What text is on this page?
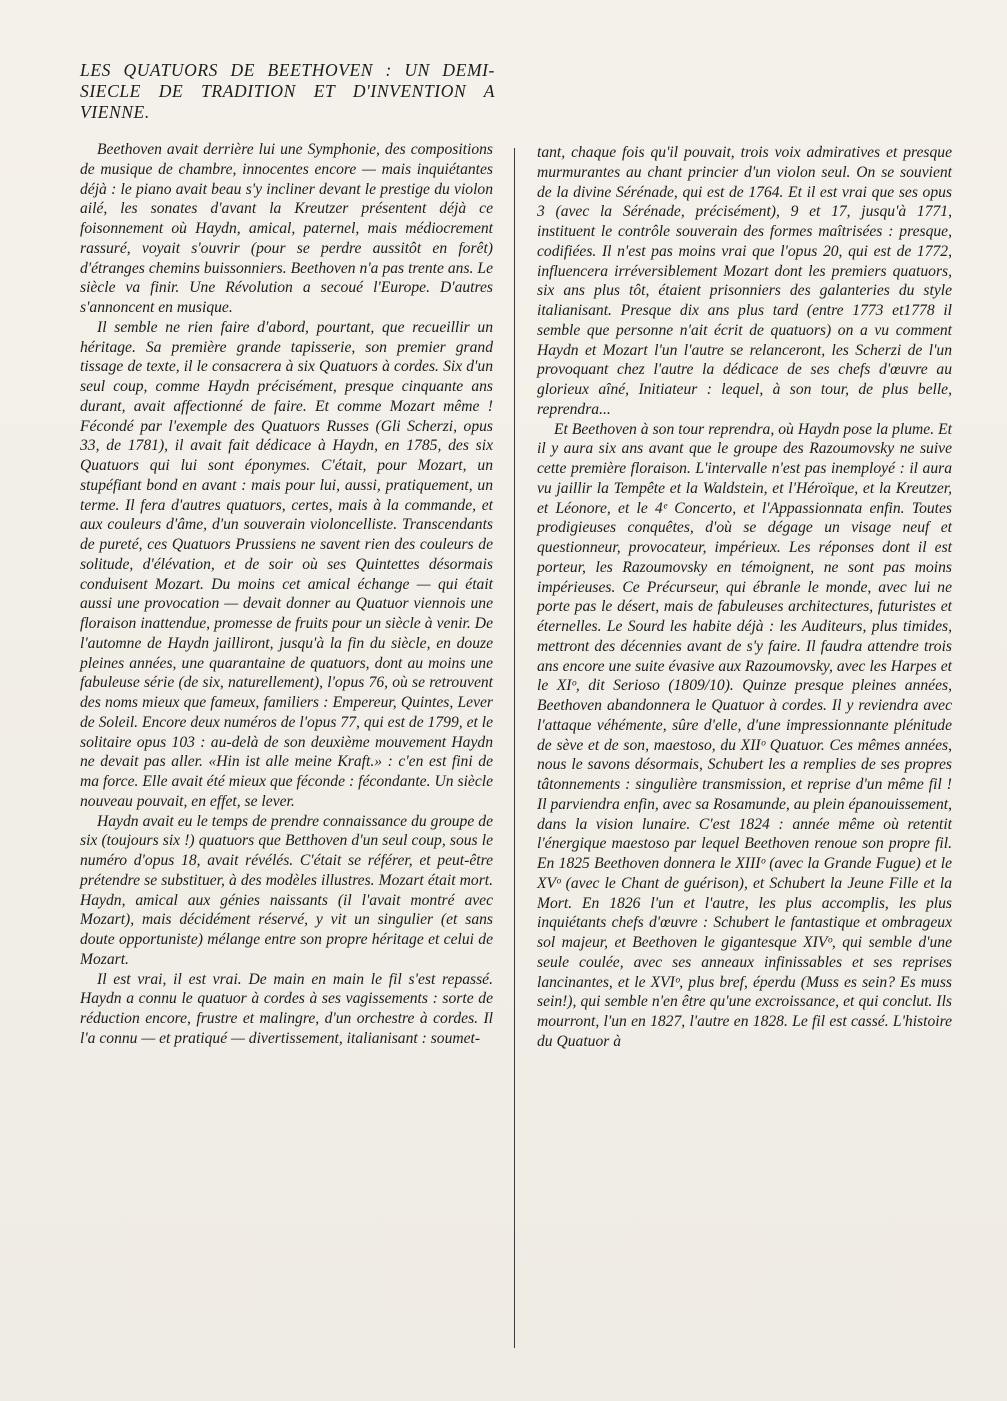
LES QUATUORS DE BEETHOVEN : UN DEMI-SIECLE DE TRADITION ET D'INVENTION A VIENNE.

Beethoven avait derrière lui une Symphonie, des compositions de musique de chambre, innocentes encore — mais inquiétantes déjà : le piano avait beau s'y incliner devant le prestige du violon ailé, les sonates d'avant la Kreutzer présentent déjà ce foisonnement où Haydn, amical, paternel, mais médiocrement rassuré, voyait s'ouvrir (pour se perdre aussitôt en forêt) d'étranges chemins buissonniers. Beethoven n'a pas trente ans. Le siècle va finir. Une Révolution a secoué l'Europe. D'autres s'annoncent en musique.

Il semble ne rien faire d'abord, pourtant, que recueillir un héritage. Sa première grande tapisserie, son premier grand tissage de texte, il le consacrera à six Quatuors à cordes. Six d'un seul coup, comme Haydn précisément, presque cinquante ans durant, avait affectionné de faire. Et comme Mozart même ! Fécondé par l'exemple des Quatuors Russes (Gli Scherzi, opus 33, de 1781), il avait fait dédicace à Haydn, en 1785, des six Quatuors qui lui sont éponymes. C'était, pour Mozart, un stupéfiant bond en avant : mais pour lui, aussi, pratiquement, un terme. Il fera d'autres quatuors, certes, mais à la commande, et aux couleurs d'âme, d'un souverain violoncelliste. Transcendants de pureté, ces Quatuors Prussiens ne savent rien des couleurs de solitude, d'élévation, et de soir où ses Quintettes désormais conduisent Mozart. Du moins cet amical échange — qui était aussi une provocation — devait donner au Quatuor viennois une floraison inattendue, promesse de fruits pour un siècle à venir. De l'automne de Haydn jailliront, jusqu'à la fin du siècle, en douze pleines années, une quarantaine de quatuors, dont au moins une fabuleuse série (de six, naturellement), l'opus 76, où se retrouvent des noms mieux que fameux, familiers : Empereur, Quintes, Lever de Soleil. Encore deux numéros de l'opus 77, qui est de 1799, et le solitaire opus 103 : au-delà de son deuxième mouvement Haydn ne devait pas aller. «Hin ist alle meine Kraft.» : c'en est fini de ma force. Elle avait été mieux que féconde : fécondante. Un siècle nouveau pouvait, en effet, se lever.

Haydn avait eu le temps de prendre connaissance du groupe de six (toujours six !) quatuors que Betthoven d'un seul coup, sous le numéro d'opus 18, avait révélés. C'était se référer, et peut-être prétendre se substituer, à des modèles illustres. Mozart était mort. Haydn, amical aux génies naissants (il l'avait montré avec Mozart), mais décidément réservé, y vit un singulier (et sans doute opportuniste) mélange entre son propre héritage et celui de Mozart.

Il est vrai, il est vrai. De main en main le fil s'est repassé. Haydn a connu le quatuor à cordes à ses vagissements : sorte de réduction encore, frustre et malingre, d'un orchestre à cordes. Il l'a connu — et pratiqué — divertissement, italianisant : soumet-

tant, chaque fois qu'il pouvait, trois voix admiratives et presque murmurantes au chant princier d'un violon seul. On se souvient de la divine Sérénade, qui est de 1764. Et il est vrai que ses opus 3 (avec la Sérénade, précisément), 9 et 17, jusqu'à 1771, instituent le contrôle souverain des formes maîtrisées : presque, codifiées. Il n'est pas moins vrai que l'opus 20, qui est de 1772, influencera irréversiblement Mozart dont les premiers quatuors, six ans plus tôt, étaient prisonniers des galanteries du style italianisant. Presque dix ans plus tard (entre 1773 et1778 il semble que personne n'ait écrit de quatuors) on a vu comment Haydn et Mozart l'un l'autre se relanceront, les Scherzi de l'un provoquant chez l'autre la dédicace de ses chefs d'œuvre au glorieux aîné, Initiateur : lequel, à son tour, de plus belle, reprendra...

Et Beethoven à son tour reprendra, où Haydn pose la plume. Et il y aura six ans avant que le groupe des Razoumovsky ne suive cette première floraison. L'intervalle n'est pas inemployé : il aura vu jaillir la Tempête et la Waldstein, et l'Héroïque, et la Kreutzer, et Léonore, et le 4ᵉ Concerto, et l'Appassionnata enfin. Toutes prodigieuses conquêtes, d'où se dégage un visage neuf et questionneur, provocateur, impérieux. Les réponses dont il est porteur, les Razoumovsky en témoignent, ne sont pas moins impérieuses. Ce Précurseur, qui ébranle le monde, avec lui ne porte pas le désert, mais de fabuleuses architectures, futuristes et éternelles. Le Sourd les habite déjà : les Auditeurs, plus timides, mettront des décennies avant de s'y faire. Il faudra attendre trois ans encore une suite évasive aux Razoumovsky, avec les Harpes et le XIᵒ, dit Serioso (1809/10). Quinze presque pleines années, Beethoven abandonnera le Quatuor à cordes. Il y reviendra avec l'attaque véhémente, sûre d'elle, d'une impressionnante plénitude de sève et de son, maestoso, du XIIᵒ Quatuor. Ces mêmes années, nous le savons désormais, Schubert les a remplies de ses propres tâtonnements : singulière transmission, et reprise d'un même fil ! Il parviendra enfin, avec sa Rosamunde, au plein épanouissement, dans la vision lunaire. C'est 1824 : année même où retentit l'énergique maestoso par lequel Beethoven renoue son propre fil. En 1825 Beethoven donnera le XIIIᵒ (avec la Grande Fugue) et le XVᵒ (avec le Chant de guérison), et Schubert la Jeune Fille et la Mort. En 1826 l'un et l'autre, les plus accomplis, les plus inquiétants chefs d'œuvre : Schubert le fantastique et ombrageux sol majeur, et Beethoven le gigantesque XIVᵒ, qui semble d'une seule coulée, avec ses anneaux infinissables et ses reprises lancinantes, et le XVIᵒ, plus bref, éperdu (Muss es sein? Es muss sein!), qui semble n'en être qu'une excroissance, et qui conclut. Ils mourront, l'un en 1827, l'autre en 1828. Le fil est cassé. L'histoire du Quatuor à
